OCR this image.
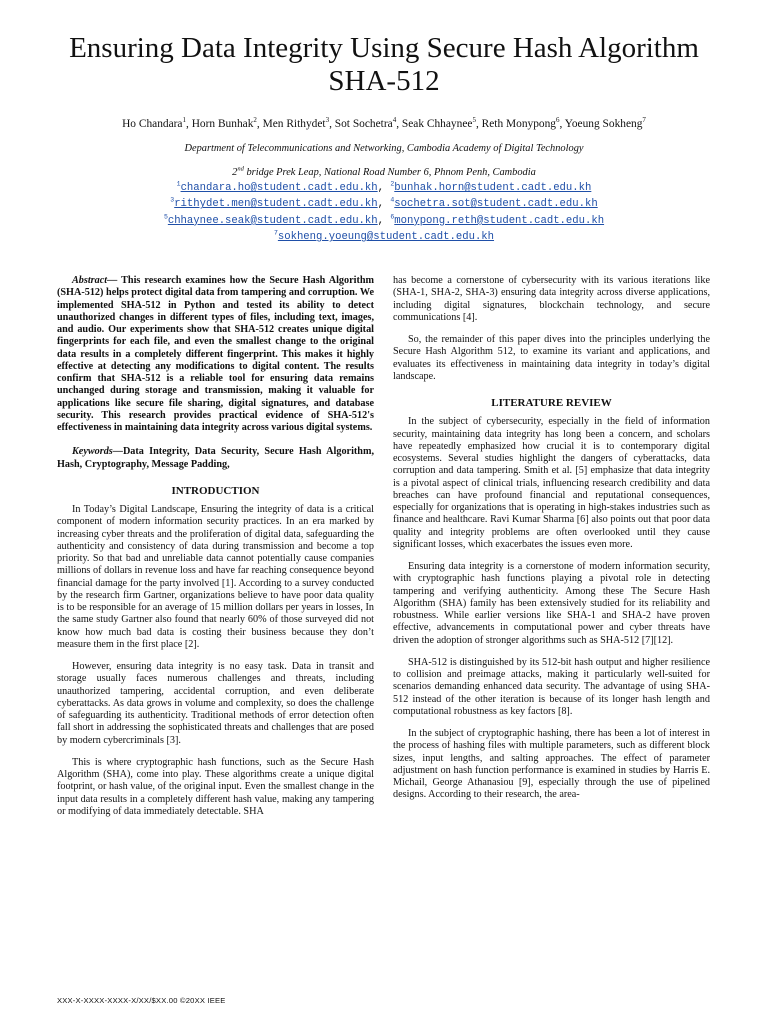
Ensuring Data Integrity Using Secure Hash Algorithm SHA-512
Ho Chandara$^1$, Horn Bunhak$^2$, Men Rithydet$^3$, Sot Sochetra$^4$, Seak Chhaynee$^5$, Reth Monypong$^6$, Yoeung Sokheng$^7$
Department of Telecommunications and Networking, Cambodia Academy of Digital Technology
2nd bridge Prek Leap, National Road Number 6, Phnom Penh, Cambodia
$^1$chandara.ho@student.cadt.edu.kh, $^2$bunhak.horn@student.cadt.edu.kh
$^3$rithydet.men@student.cadt.edu.kh, $^4$sochetra.sot@student.cadt.edu.kh
$^5$chhaynee.seak@student.cadt.edu.kh, $^6$monypong.reth@student.cadt.edu.kh
$^7$sokheng.yoeung@student.cadt.edu.kh

Abstract— This research examines how the Secure Hash Algorithm (SHA-512) helps protect digital data from tampering and corruption. We implemented SHA-512 in Python and tested its ability to detect unauthorized changes in different types of files, including text, images, and audio. Our experiments show that SHA-512 creates unique digital fingerprints for each file, and even the smallest change to the original data results in a completely different fingerprint. This makes it highly effective at detecting any modifications to digital content. The results confirm that SHA-512 is a reliable tool for ensuring data remains unchanged during storage and transmission, making it valuable for applications like secure file sharing, digital signatures, and database security. This research provides practical evidence of SHA-512's effectiveness in maintaining data integrity across various digital systems.

Keywords—Data Integrity, Data Security, Secure Hash Algorithm, Hash, Cryptography, Message Padding,

INTRODUCTION

In Today’s Digital Landscape, Ensuring the integrity of data is a critical component of modern information security practices. In an era marked by increasing cyber threats and the proliferation of digital data, safeguarding the authenticity and consistency of data during transmission and become a top priority. So that bad and unreliable data cannot potentially cause companies millions of dollars in revenue loss and have far reaching consequence beyond financial damage for the party involved [1]. According to a survey conducted by the research firm Gartner, organizations believe to have poor data quality is to be responsible for an average of 15 million dollars per years in losses, In the same study Gartner also found that nearly 60% of those surveyed did not know how much bad data is costing their business because they don’t measure them in the first place [2].

However, ensuring data integrity is no easy task. Data in transit and storage usually faces numerous challenges and threats, including unauthorized tampering, accidental corruption, and even deliberate cyberattacks. As data grows in volume and complexity, so does the challenge of safeguarding its authenticity. Traditional methods of error detection often fall short in addressing the sophisticated threats and challenges that are posed by modern cybercriminals [3].

This is where cryptographic hash functions, such as the Secure Hash Algorithm (SHA), come into play. These algorithms create a unique digital footprint, or hash value, of the original input. Even the smallest change in the input data results in a completely different hash value, making any tampering or modifying of data immediately detectable. SHA

has become a cornerstone of cybersecurity with its various iterations like (SHA-1, SHA-2, SHA-3) ensuring data integrity across diverse applications, including digital signatures, blockchain technology, and secure communications [4].

So, the remainder of this paper dives into the principles underlying the Secure Hash Algorithm 512, to examine its variant and applications, and evaluates its effectiveness in maintaining data integrity in today’s digital landscape.

LITERATURE REVIEW

In the subject of cybersecurity, especially in the field of information security, maintaining data integrity has long been a concern, and scholars have repeatedly emphasized how crucial it is to contemporary digital ecosystems. Several studies highlight the dangers of cyberattacks, data corruption and data tampering. Smith et al. [5] emphasize that data integrity is a pivotal aspect of clinical trials, influencing research credibility and data breaches can have profound financial and reputational consequences, especially for organizations that is operating in high-stakes industries such as finance and healthcare. Ravi Kumar Sharma [6] also points out that poor data quality and integrity problems are often overlooked until they cause significant losses, which exacerbates the issues even more.

Ensuring data integrity is a cornerstone of modern information security, with cryptographic hash functions playing a pivotal role in detecting tampering and verifying authenticity. Among these The Secure Hash Algorithm (SHA) family has been extensively studied for its reliability and robustness. While earlier versions like SHA-1 and SHA-2 have proven effective, advancements in computational power and cyber threats have driven the adoption of stronger algorithms such as SHA-512 [7][12].

SHA-512 is distinguished by its 512-bit hash output and higher resilience to collision and preimage attacks, making it particularly well-suited for scenarios demanding enhanced data security. The advantage of using SHA-512 instead of the other iteration is because of its longer hash length and computational robustness as key factors [8].

In the subject of cryptographic hashing, there has been a lot of interest in the process of hashing files with multiple parameters, such as different block sizes, input lengths, and salting approaches. The effect of parameter adjustment on hash function performance is examined in studies by Harris E. Michail, George Athanasiou [9], especially through the use of pipelined designs. According to their research, the area-

XXX-X-XXXX-XXXX-X/XX/$XX.00 ©20XX IEEE
